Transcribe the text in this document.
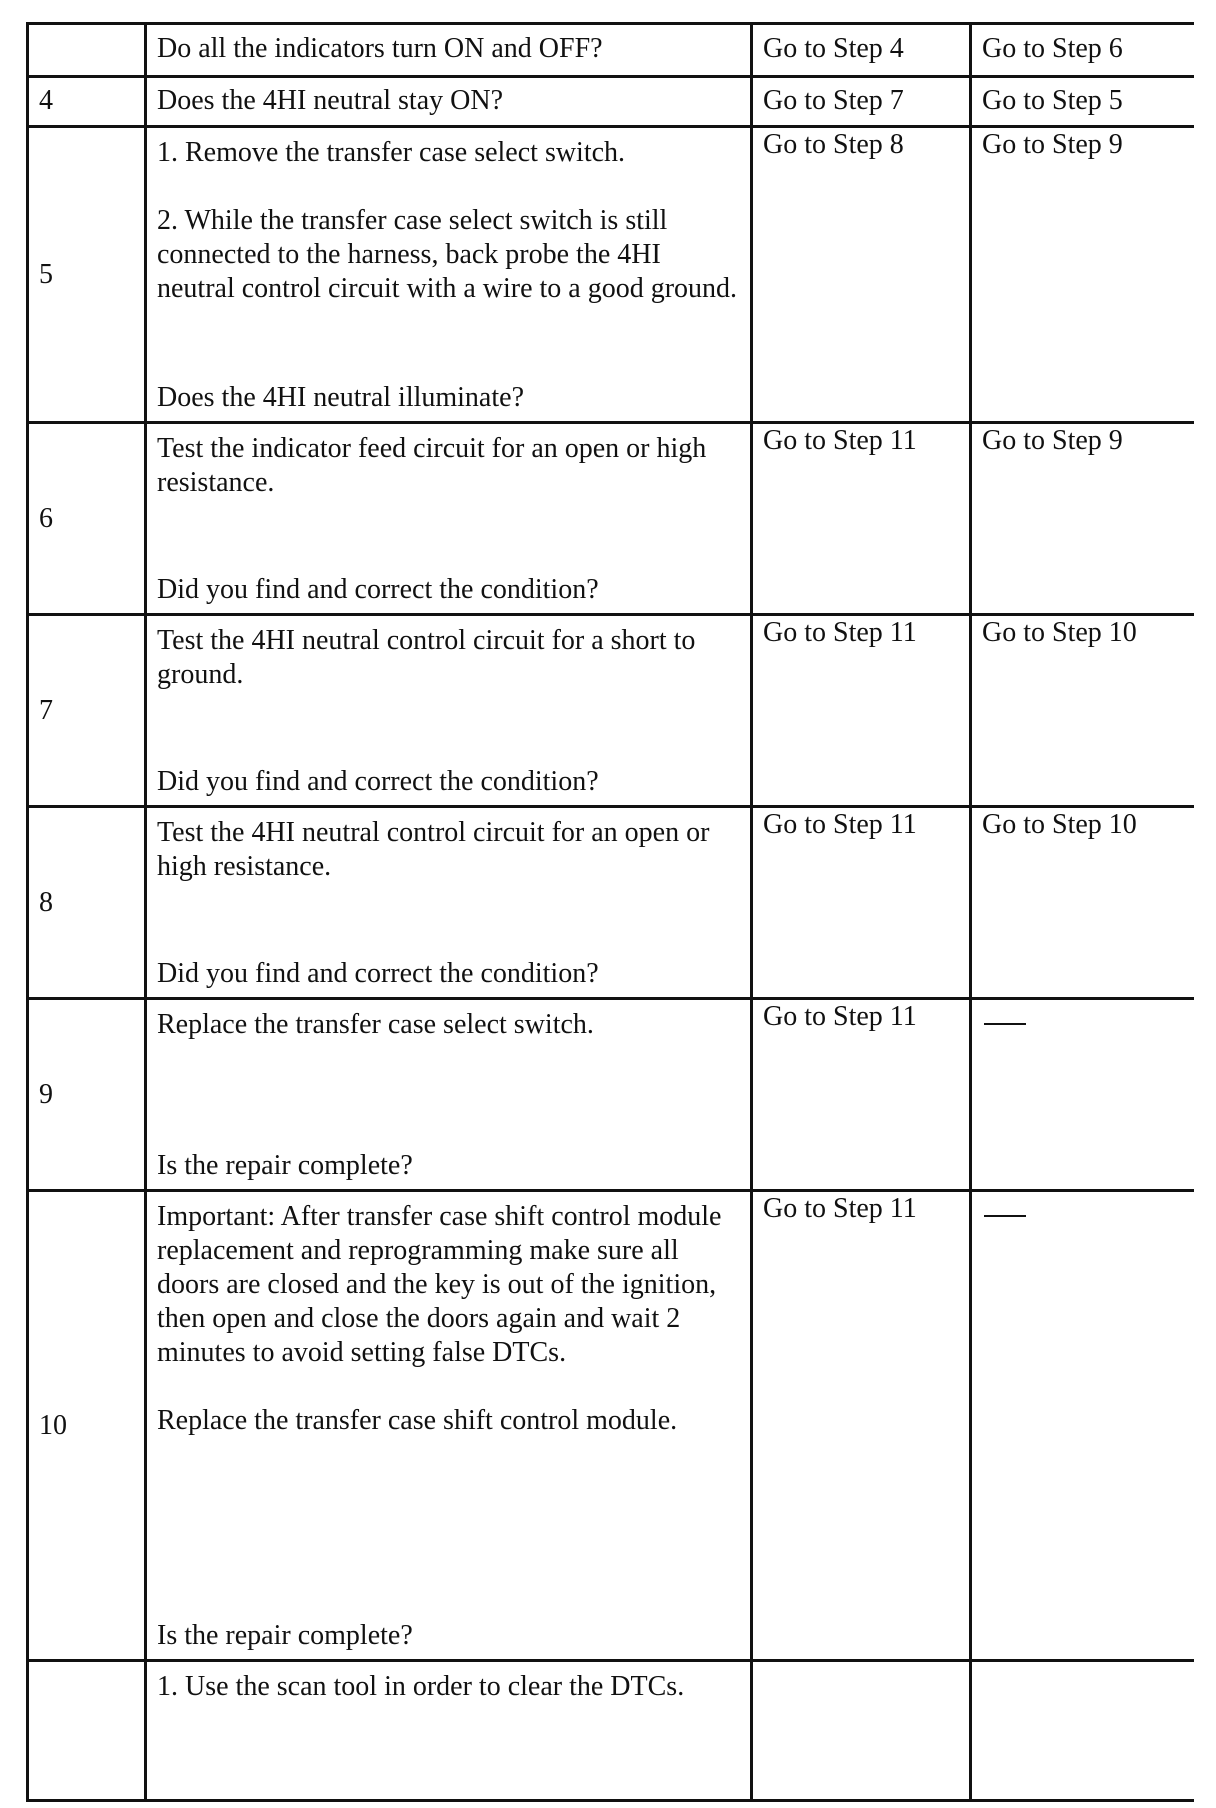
	Do all the indicators turn ON and OFF?	Go to Step 4	Go to Step 6
4	Does the 4HI neutral stay ON?	Go to Step 7	Go to Step 5
5	1. Remove the transfer case select switch.

2. While the transfer case select switch is still connected to the harness, back probe the 4HI neutral control circuit with a wire to a good ground.

Does the 4HI neutral illuminate?	Go to Step 8	Go to Step 9
6	Test the indicator feed circuit for an open or high resistance.

Did you find and correct the condition?	Go to Step 11	Go to Step 9
7	Test the 4HI neutral control circuit for a short to ground.

Did you find and correct the condition?	Go to Step 11	Go to Step 10
8	Test the 4HI neutral control circuit for an open or high resistance.

Did you find and correct the condition?	Go to Step 11	Go to Step 10
9	Replace the transfer case select switch.

Is the repair complete?	Go to Step 11	
10	Important: After transfer case shift control module replacement and reprogramming make sure all doors are closed and the key is out of the ignition, then open and close the doors again and wait 2 minutes to avoid setting false DTCs.

Replace the transfer case shift control module.

Is the repair complete?	Go to Step 11	

	1. Use the scan tool in order to clear the DTCs.		
